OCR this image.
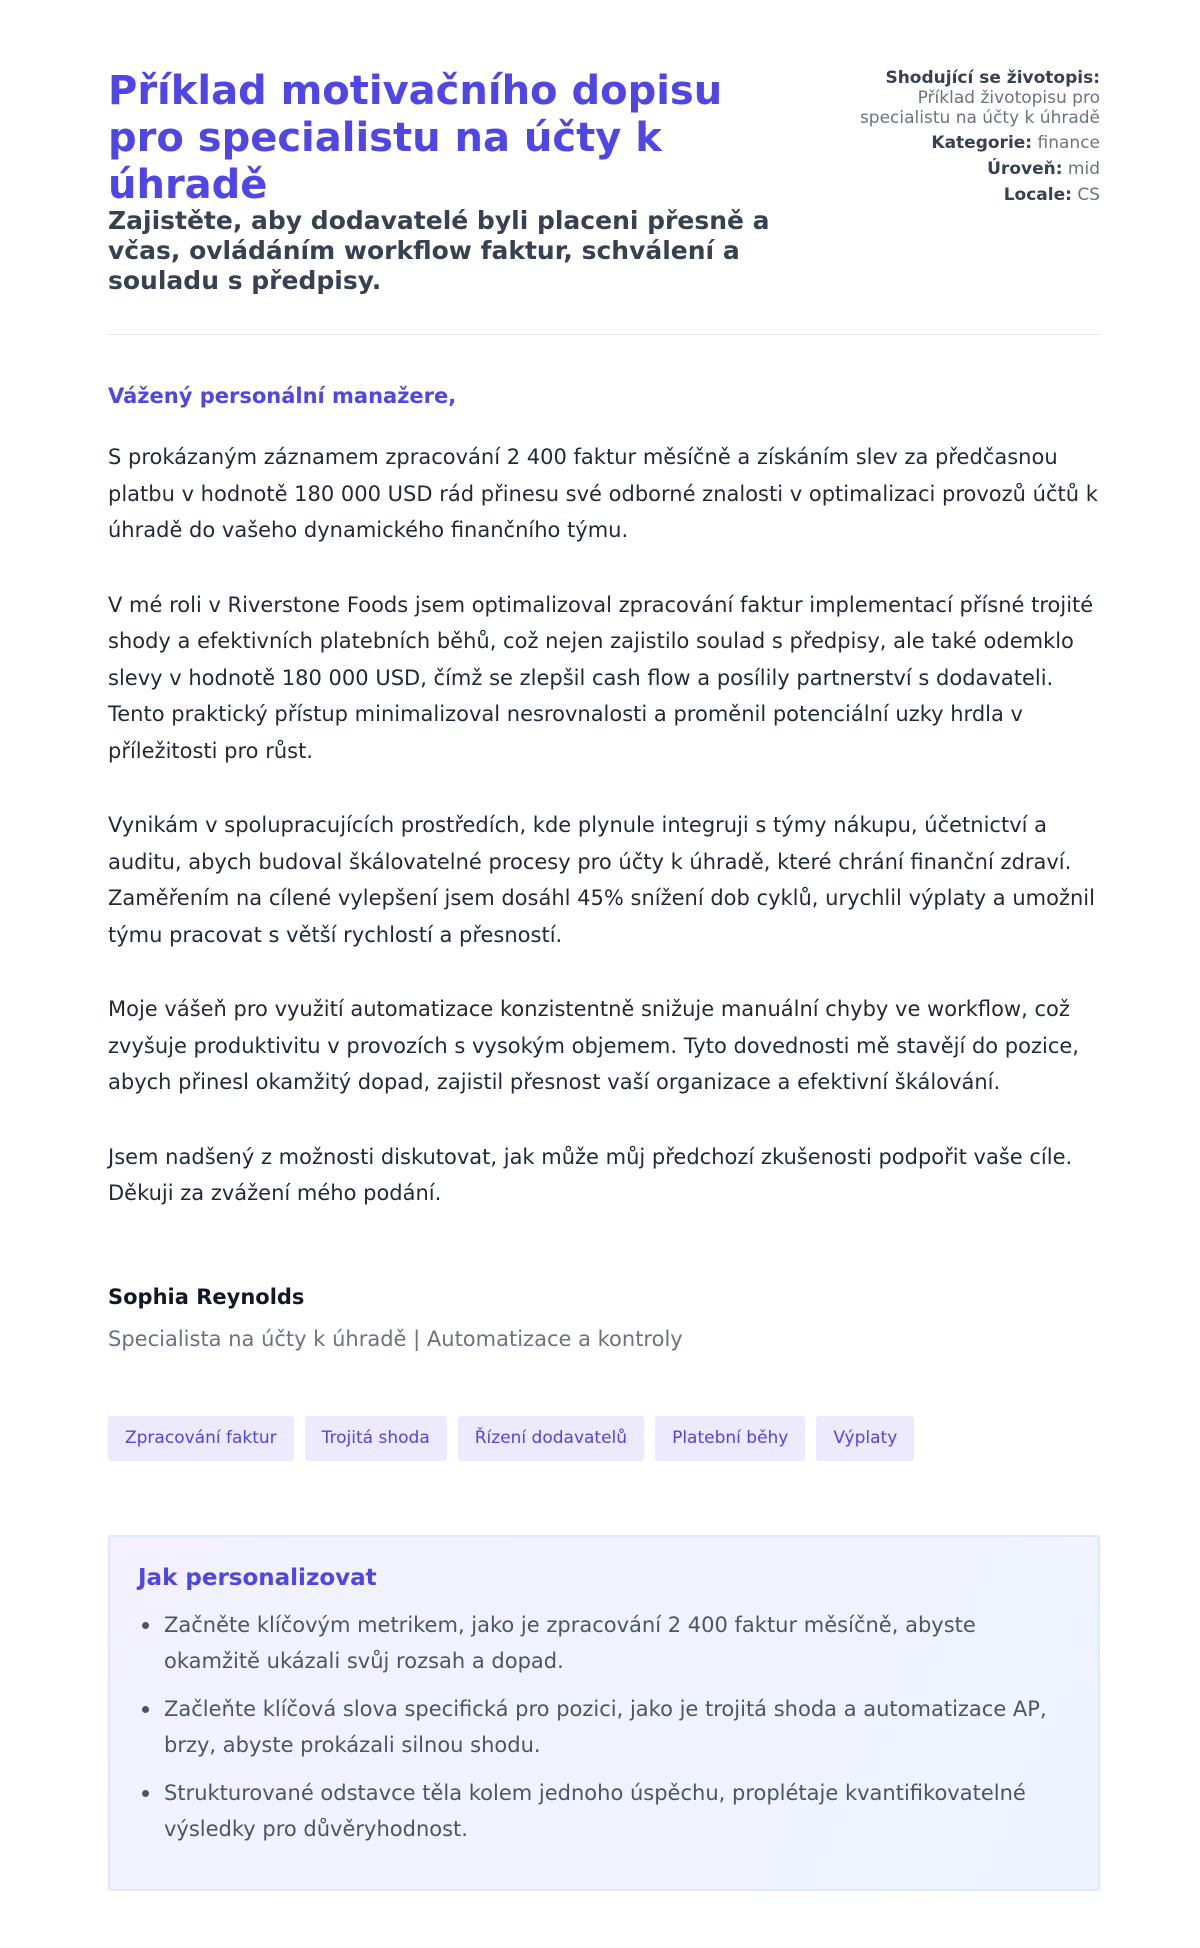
Příklad motivačního dopisu pro specialistu na účty k úhradě
Zajistěte, aby dodavatelé byli placeni přesně a včas, ovládáním workflow faktur, schválení a souladu s předpisy.
Shodující se životopis:
Příklad životopisu pro specialistu na účty k úhradě
Kategorie: finance
Úroveň: mid
Locale: CS

Vážený personální manažere,

S prokázaným záznamem zpracování 2 400 faktur měsíčně a získáním slev za předčasnou platbu v hodnotě 180 000 USD rád přinesu své odborné znalosti v optimalizaci provozů účtů k úhradě do vašeho dynamického finančního týmu.

V mé roli v Riverstone Foods jsem optimalizoval zpracování faktur implementací přísné trojité shody a efektivních platebních běhů, což nejen zajistilo soulad s předpisy, ale také odemklo slevy v hodnotě 180 000 USD, čímž se zlepšil cash flow a posílily partnerství s dodavateli. Tento praktický přístup minimalizoval nesrovnalosti a proměnil potenciální uzky hrdla v příležitosti pro růst.

Vynikám v spolupracujících prostředích, kde plynule integruji s týmy nákupu, účetnictví a auditu, abych budoval škálovatelné procesy pro účty k úhradě, které chrání finanční zdraví. Zaměřením na cílené vylepšení jsem dosáhl 45% snížení dob cyklů, urychlil výplaty a umožnil týmu pracovat s větší rychlostí a přesností.

Moje vášeň pro využití automatizace konzistentně snižuje manuální chyby ve workflow, což zvyšuje produktivitu v provozích s vysokým objemem. Tyto dovednosti mě stavějí do pozice, abych přinesl okamžitý dopad, zajistil přesnost vaší organizace a efektivní škálování.

Jsem nadšený z možnosti diskutovat, jak může můj předchozí zkušenosti podpořit vaše cíle. Děkuji za zvážení mého podání.

Sophia Reynolds
Specialista na účty k úhradě | Automatizace a kontroly
Zpracování faktur	Trojitá shoda	Řízení dodavatelů	Platební běhy	Výplaty
Jak personalizovat
Začněte klíčovým metrikem, jako je zpracování 2 400 faktur měsíčně, abyste okamžitě ukázali svůj rozsah a dopad.
Začleňte klíčová slova specifická pro pozici, jako je trojitá shoda a automatizace AP, brzy, abyste prokázali silnou shodu.
Strukturované odstavce těla kolem jednoho úspěchu, proplétaje kvantifikovatelné výsledky pro důvěryhodnost.
